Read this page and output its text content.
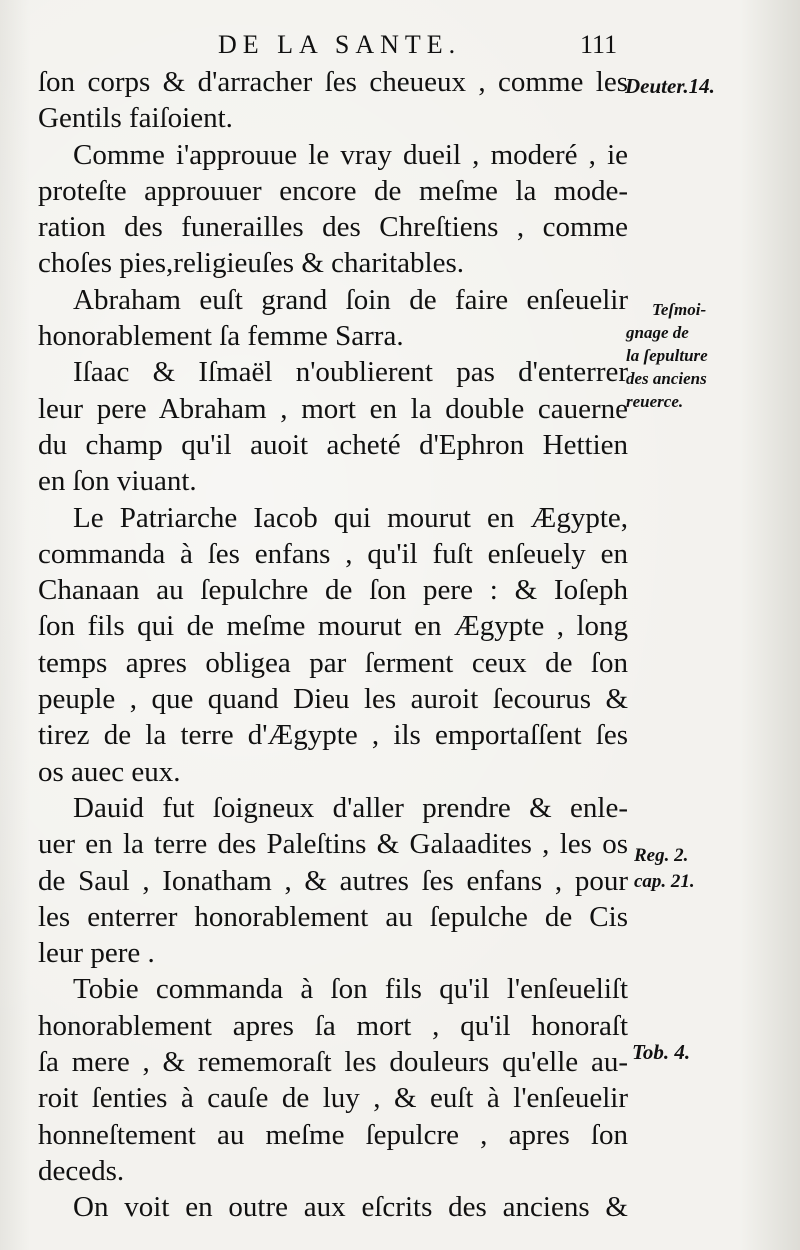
DE LA SANTE.	111
ſon corps & d'arracher ſes cheueux , comme les
Gentils faiſoient.
Comme i'approuue le vray dueil , moderé , ie
proteſte approuuer encore de meſme la mode-
ration des funerailles des Chreſtiens , comme
choſes pies,religieuſes & charitables.
Abraham euſt grand ſoin de faire enſeuelir
honorablement ſa femme Sarra.
Iſaac & Iſmaël n'oublierent pas d'enterrer
leur pere Abraham , mort en la double cauerne
du champ qu'il auoit acheté d'Ephron Hettien
en ſon viuant.
Le Patriarche Iacob qui mourut en Ægypte,
commanda à ſes enfans , qu'il fuſt enſeuely en
Chanaan au ſepulchre de ſon pere : & Ioſeph
ſon fils qui de meſme mourut en Ægypte , long
temps apres obligea par ſerment ceux de ſon
peuple , que quand Dieu les auroit ſecourus &
tirez de la terre d'Ægypte , ils emportaſſent ſes
os auec eux.
Dauid fut ſoigneux d'aller prendre & enle-
uer en la terre des Paleſtins & Galaadites , les os
de Saul , Ionatham , & autres ſes enfans , pour
les enterrer honorablement au ſepulche de Cis
leur pere .
Tobie commanda à ſon fils qu'il l'enſeueliſt
honorablement apres ſa mort , qu'il honoraſt
ſa mere , & rememoraſt les douleurs qu'elle au-
roit ſenties à cauſe de luy , & euſt à l'enſeuelir
honneſtement au meſme ſepulcre , apres ſon
deceds.
On voit en outre aux eſcrits des anciens &
Deuter.14.
Teſmoi-
gnage de
la ſepulture
des anciens
reuerce.
Reg. 2.
cap. 21.
Tob. 4.
